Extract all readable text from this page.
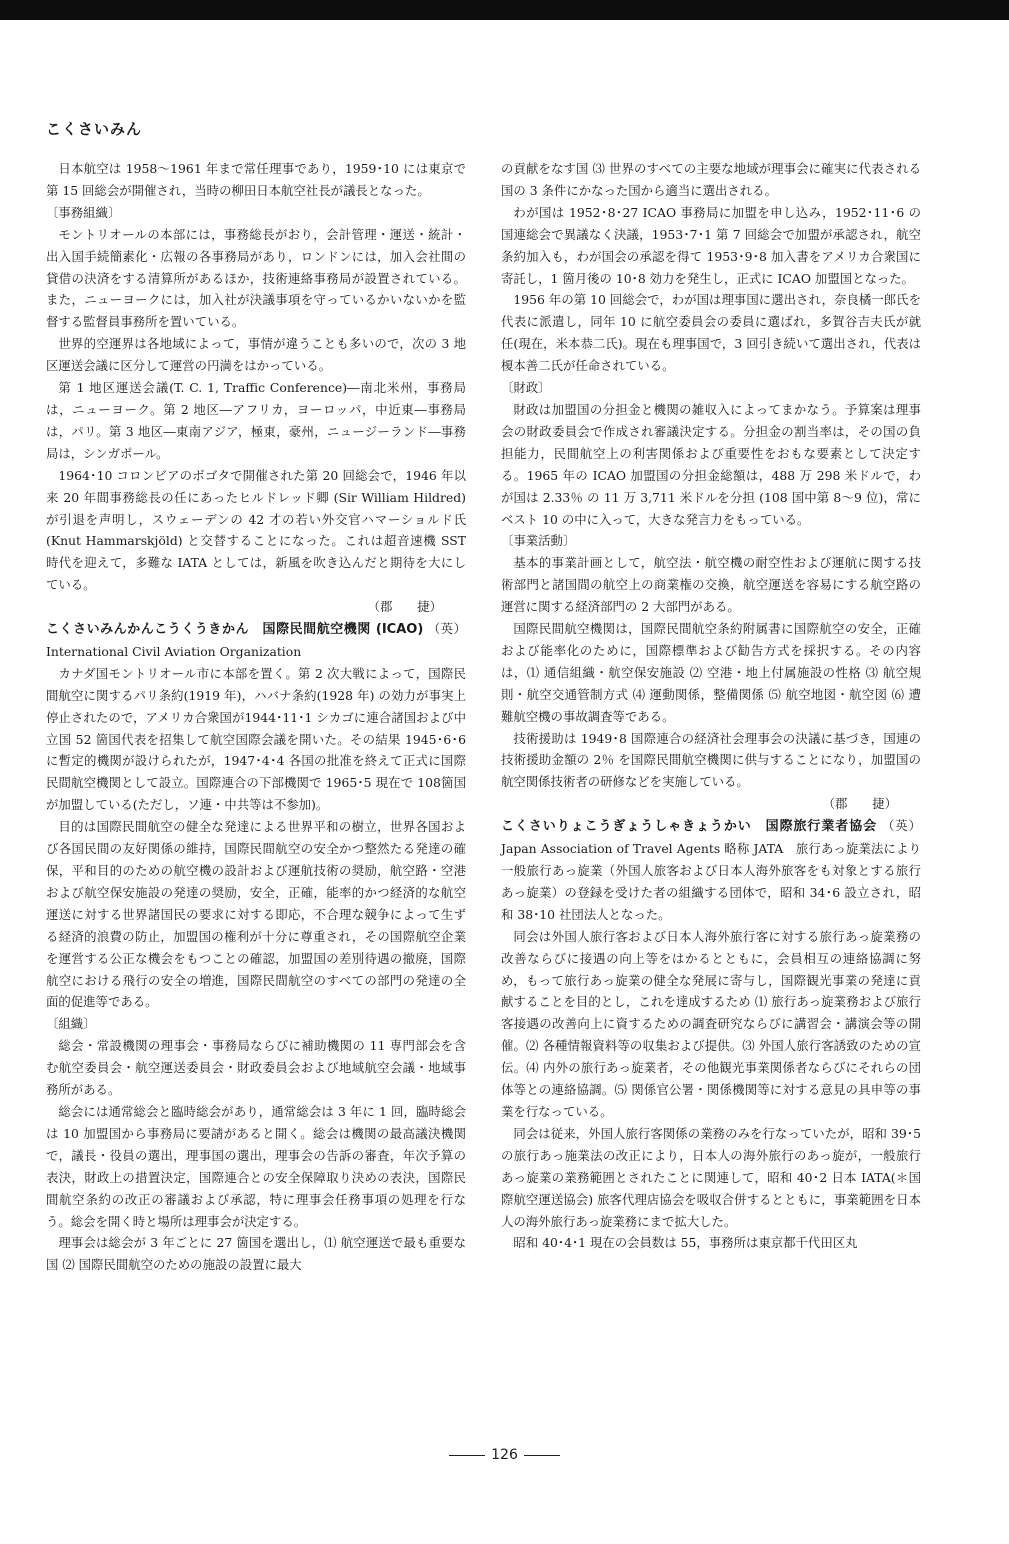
こくさいみん

日本航空は 1958～1961 年まで常任理事であり，1959･10 には東京で第 15 回総会が開催され，当時の柳田日本航空社長が議長となった。

〔事務組織〕

モントリオールの本部には，事務総長がおり，会計管理・運送・統計・出入国手続簡素化・広報の各事務局があり，ロンドンには，加入会社間の貸借の決済をする清算所があるほか，技術連絡事務局が設置されている。また，ニューヨークには，加入社が決議事項を守っているかいないかを監督する監督員事務所を置いている。

世界的空運界は各地域によって，事情が違うことも多いので，次の 3 地区運送会議に区分して運営の円満をはかっている。

第 1 地区運送会議(T. C. 1, Traffic Conference)―南北米州，事務局は，ニューヨーク。第 2 地区―アフリカ，ヨーロッパ，中近東―事務局は，パリ。第 3 地区―東南アジア，極東，豪州，ニュージーランド―事務局は，シンガポール。

1964･10 コロンビアのボゴタで開催された第 20 回総会で，1946 年以来 20 年間事務総長の任にあったヒルドレッド卿 (Sir William Hildred) が引退を声明し，スウェーデンの 42 才の若い外交官ハマーショルド氏 (Knut Hammarskjöld) と交替することになった。これは超音速機 SST 時代を迎えて，多難な IATA としては，新風を吹き込んだと期待を大にしている。

（郡　　捷）

こくさいみんかんこうくうきかん　国際民間航空機関 (ICAO) （英）International Civil Aviation Organization

カナダ国モントリオール市に本部を置く。第 2 次大戦によって，国際民間航空に関するパリ条約(1919 年)，ハバナ条約(1928 年) の効力が事実上停止されたので，アメリカ合衆国が1944･11･1 シカゴに連合諸国および中立国 52 箇国代表を招集して航空国際会議を開いた。その結果 1945･6･6 に暫定的機関が設けられたが，1947･4･4 各国の批准を終えて正式に国際民間航空機関として設立。国際連合の下部機関で 1965･5 現在で 108箇国が加盟している(ただし，ソ連・中共等は不参加)。

目的は国際民間航空の健全な発達による世界平和の樹立，世界各国および各国民間の友好関係の維持，国際民間航空の安全かつ整然たる発達の確保，平和目的のための航空機の設計および運航技術の奨励，航空路・空港および航空保安施設の発達の奨励，安全，正確，能率的かつ経済的な航空運送に対する世界諸国民の要求に対する即応，不合理な競争によって生ずる経済的浪費の防止，加盟国の権利が十分に尊重され，その国際航空企業を運営する公正な機会をもつことの確認，加盟国の差別待遇の撤廃，国際航空における飛行の安全の増進，国際民間航空のすべての部門の発達の全面的促進等である。

〔組織〕

総会・常設機関の理事会・事務局ならびに補助機関の 11 専門部会を含む航空委員会・航空運送委員会・財政委員会および地域航空会議・地域事務所がある。

総会には通常総会と臨時総会があり，通常総会は 3 年に 1 回，臨時総会は 10 加盟国から事務局に要請があると開く。総会は機関の最高議決機関で，議長・役員の選出，理事国の選出，理事会の告訴の審査，年次予算の表決，財政上の措置決定，国際連合との安全保障取り決めの表決，国際民間航空条約の改正の審議および承認，特に理事会任務事項の処理を行なう。総会を開く時と場所は理事会が決定する。

理事会は総会が 3 年ごとに 27 箇国を選出し，⑴ 航空運送で最も重要な国 ⑵ 国際民間航空のための施設の設置に最大

の貢献をなす国 ⑶ 世界のすべての主要な地域が理事会に確実に代表される国の 3 条件にかなった国から適当に選出される。

わが国は 1952･8･27 ICAO 事務局に加盟を申し込み，1952･11･6 の国連総会で異議なく決議，1953･7･1 第 7 回総会で加盟が承認され，航空条約加入も，わが国会の承認を得て 1953･9･8 加入書をアメリカ合衆国に寄託し，1 箇月後の 10･8 効力を発生し，正式に ICAO 加盟国となった。

1956 年の第 10 回総会で，わが国は理事国に選出され，奈良橘一郎氏を代表に派遣し，同年 10 に航空委員会の委員に選ばれ，多賀谷吉夫氏が就任(現在，米本恭二氏)。現在も理事国で，3 回引き続いて選出され，代表は榎本善二氏が任命されている。

〔財政〕

財政は加盟国の分担金と機関の雑収入によってまかなう。予算案は理事会の財政委員会で作成され審議決定する。分担金の割当率は，その国の負担能力，民間航空上の利害関係および重要性をおもな要素として決定する。1965 年の ICAO 加盟国の分担金総額は，488 万 298 米ドルで，わが国は 2.33％ の 11 万 3,711 米ドルを分担 (108 国中第 8～9 位)，常にベスト 10 の中に入って，大きな発言力をもっている。

〔事業活動〕

基本的事業計画として，航空法・航空機の耐空性および運航に関する技術部門と諸国間の航空上の商業権の交換，航空運送を容易にする航空路の運営に関する経済部門の 2 大部門がある。

国際民間航空機関は，国際民間航空条約附属書に国際航空の安全，正確および能率化のために，国際標準および勧告方式を採択する。その内容は，⑴ 通信組織・航空保安施設 ⑵ 空港・地上付属施設の性格 ⑶ 航空規則・航空交通管制方式 ⑷ 運動関係，整備関係 ⑸ 航空地図・航空図 ⑹ 遭難航空機の事故調査等である。

技術援助は 1949･8 国際連合の経済社会理事会の決議に基づき，国連の技術援助金額の 2％ を国際民間航空機関に供与することになり，加盟国の航空関係技術者の研修などを実施している。

（郡　　捷）

こくさいりょこうぎょうしゃきょうかい　国際旅行業者協会 （英）Japan Association of Travel Agents 略称 JATA　旅行あっ旋業法により一般旅行あっ旋業（外国人旅客および日本人海外旅客をも対象とする旅行あっ旋業）の登録を受けた者の組織する団体で，昭和 34･6 設立され，昭和 38･10 社団法人となった。

同会は外国人旅行客および日本人海外旅行客に対する旅行あっ旋業務の改善ならびに接遇の向上等をはかるとともに，会員相互の連絡協調に努め，もって旅行あっ旋業の健全な発展に寄与し，国際観光事業の発達に貢献することを目的とし，これを達成するため ⑴ 旅行あっ旋業務および旅行客接遇の改善向上に資するための調査研究ならびに講習会・講演会等の開催。⑵ 各種情報資料等の収集および提供。⑶ 外国人旅行客誘致のための宣伝。⑷ 内外の旅行あっ旋業者，その他観光事業関係者ならびにそれらの団体等との連絡協調。⑸ 関係官公署・関係機関等に対する意見の具申等の事業を行なっている。

同会は従来，外国人旅行客関係の業務のみを行なっていたが，昭和 39･5 の旅行あっ施業法の改正により，日本人の海外旅行のあっ旋が，一般旅行あっ旋業の業務範囲とされたことに関連して，昭和 40･2 日本 IATA(＊国際航空運送協会) 旅客代理店協会を吸収合併するとともに，事業範囲を日本人の海外旅行あっ旋業務にまで拡大した。

昭和 40･4･1 現在の会員数は 55，事務所は東京都千代田区丸

126
